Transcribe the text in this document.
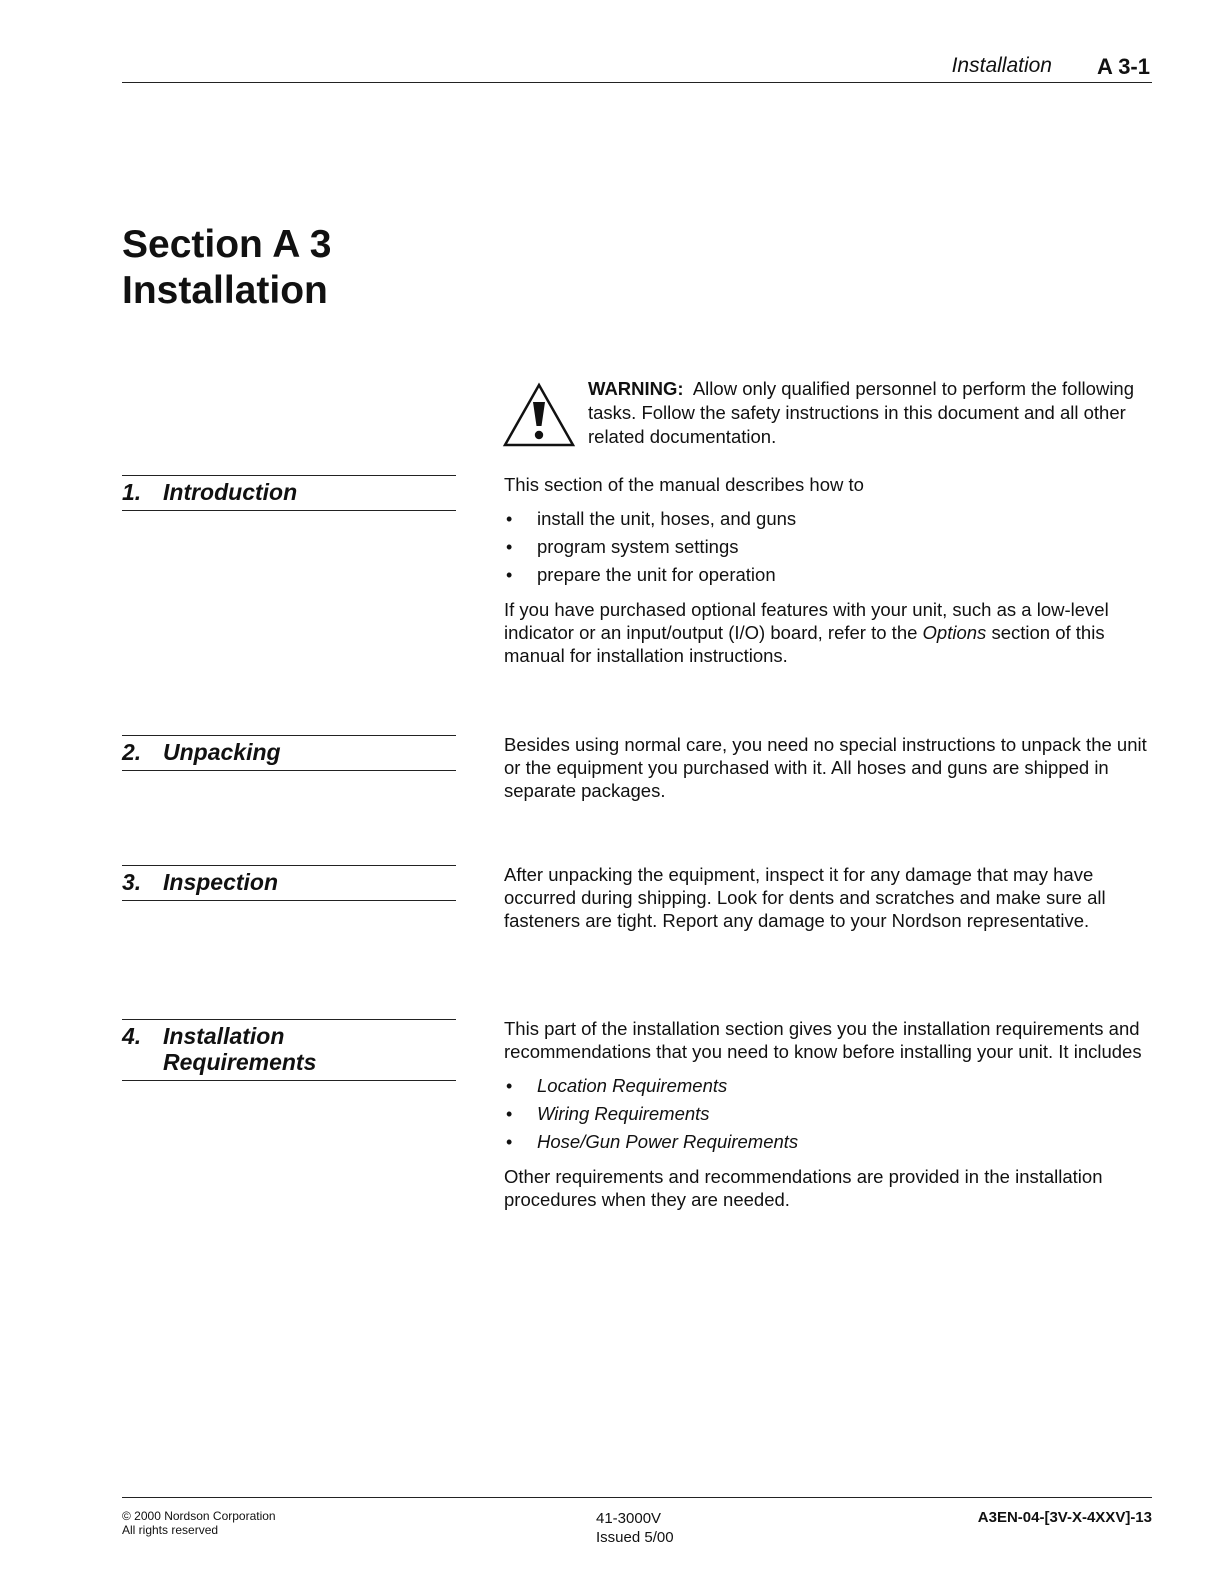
Installation A 3-1
Section A 3
Installation
WARNING: Allow only qualified personnel to perform the following tasks. Follow the safety instructions in this document and all other related documentation.
1. Introduction	This section of the manual describes how to

• install the unit, hoses, and guns
• program system settings
• prepare the unit for operation

If you have purchased optional features with your unit, such as a low-level indicator or an input/output (I/O) board, refer to the Options section of this manual for installation instructions.

2. Unpacking	Besides using normal care, you need no special instructions to unpack the unit or the equipment you purchased with it. All hoses and guns are shipped in separate packages.

3. Inspection	After unpacking the equipment, inspect it for any damage that may have occurred during shipping. Look for dents and scratches and make sure all fasteners are tight. Report any damage to your Nordson representative.

4. Installation
Requirements

This part of the installation section gives you the installation requirements and recommendations that you need to know before installing your unit. It includes

• Location Requirements
• Wiring Requirements
• Hose/Gun Power Requirements

Other requirements and recommendations are provided in the installation procedures when they are needed.

© 2000 Nordson Corporation
All rights reserved
41-3000V
Issued 5/00
A3EN-04-[3V-X-4XXV]-13
